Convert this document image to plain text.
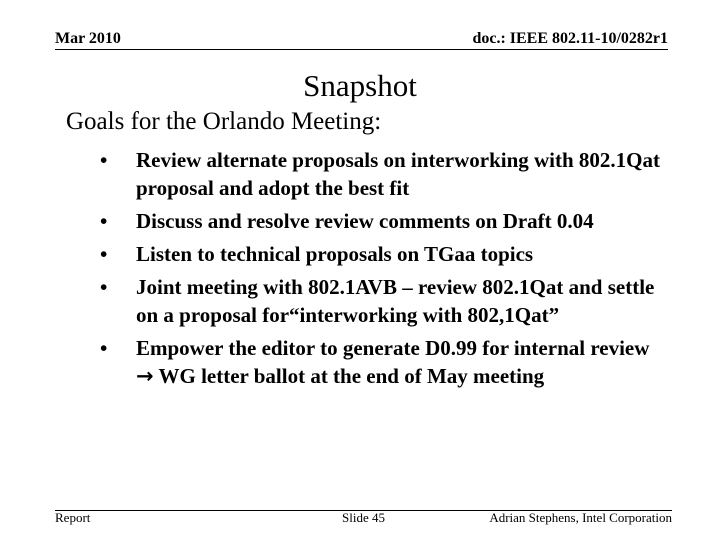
Mar 2010	doc.: IEEE 802.11-10/0282r1
Snapshot
Goals for the Orlando Meeting:
•	Review alternate proposals on interworking with 802.1Qat proposal and adopt the best fit
•	Discuss and resolve review comments on Draft 0.04
•	Listen to technical proposals on TGaa topics
•	Joint meeting with 802.1AVB – review 802.1Qat and settle on a proposal for“interworking with 802,1Qat”
•	Empower the editor to generate D0.99 for internal review → WG letter ballot at the end of May meeting
Report	Slide 45	Adrian Stephens, Intel Corporation
